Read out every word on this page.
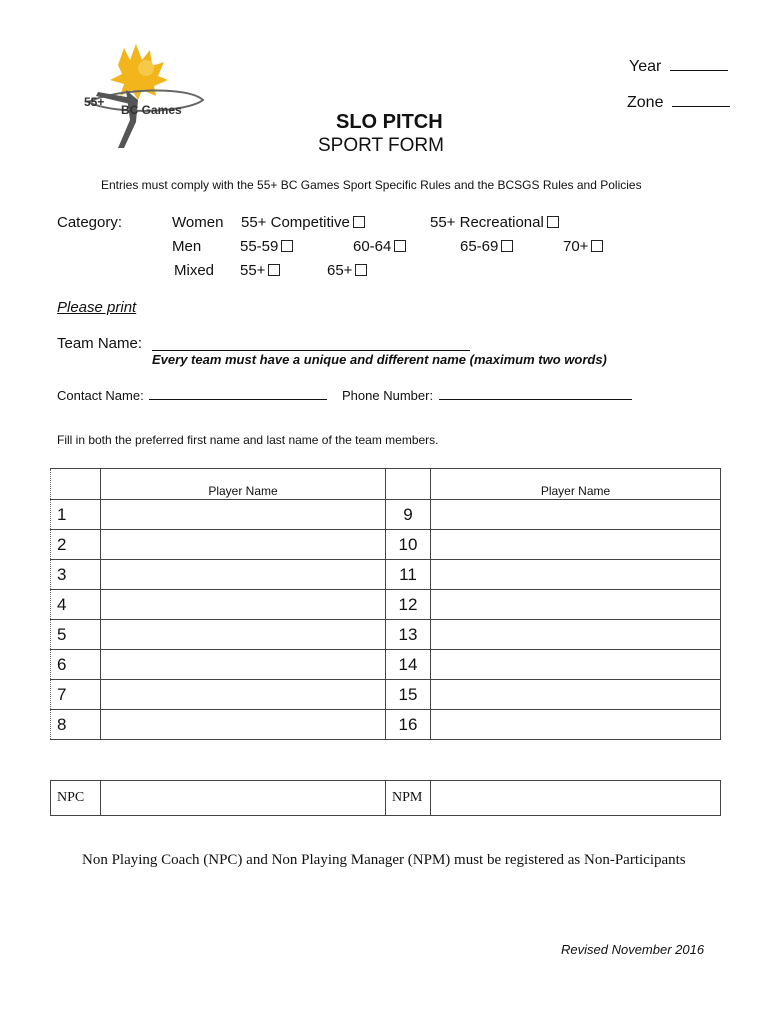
55+
BC Games
Year
Zone
SLO PITCH
SPORT FORM
Entries must comply with the 55+ BC Games Sport Specific Rules and the BCSGS Rules and Policies
Category:	Women 55+ Competitive	55+ Recreational
Men	55-59	60-64	65-69	70+
Mixed 55+	65+
Please print
Team Name:
Every team must have a unique and different name (maximum two words)
Contact Name:	Phone Number:
Fill in both the preferred first name and last name of the team members.
	Player Name		Player Name
1		9	
2		10	
3		11	
4		12	
5		13	
6		14	
7		15	
8		16	
NPC		NPM	
Non Playing Coach (NPC) and Non Playing Manager (NPM) must be registered as Non-Participants
Revised November 2016
